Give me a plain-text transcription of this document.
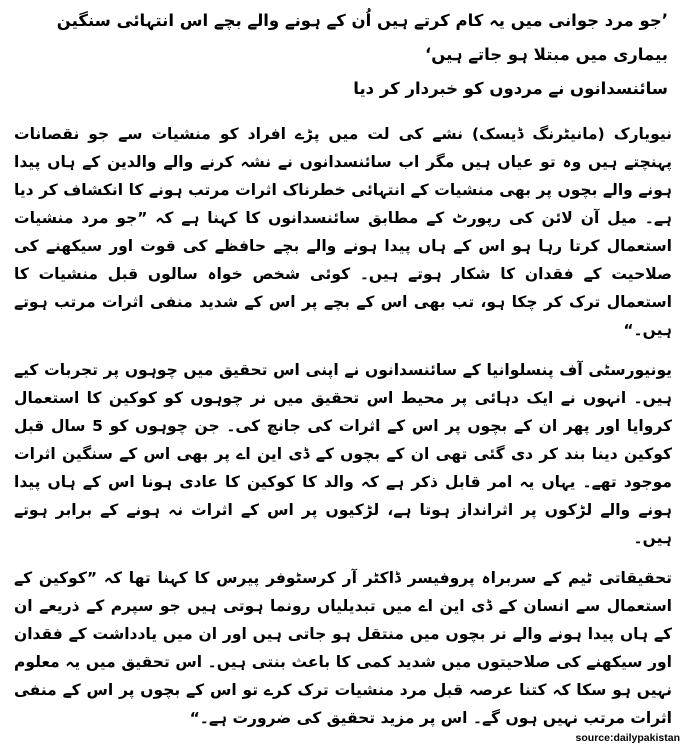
’جو مرد جوانی میں یہ کام کرتے ہیں اُن کے ہونے والے بچے اس انتہائی سنگین بیماری میں مبتلا ہو جاتے ہیں‘

سائنسدانوں نے مردوں کو خبردار کر دیا

نیویارک (مانیٹرنگ ڈیسک) نشے کی لت میں پڑے افراد کو منشیات سے جو نقصانات پہنچتے ہیں وہ تو عیاں ہیں مگر اب سائنسدانوں نے نشہ کرنے والے والدین کے ہاں پیدا ہونے والے بچوں پر بھی منشیات کے انتہائی خطرناک اثرات مرتب ہونے کا انکشاف کر دیا ہے۔ میل آن لائن کی رپورٹ کے مطابق سائنسدانوں کا کہنا ہے کہ ”جو مرد منشیات استعمال کرتا رہا ہو اس کے ہاں پیدا ہونے والے بچے حافظے کی قوت اور سیکھنے کی صلاحیت کے فقدان کا شکار ہوتے ہیں۔ کوئی شخص خواہ سالوں قبل منشیات کا استعمال ترک کر چکا ہو، تب بھی اس کے بچے پر اس کے شدید منفی اثرات مرتب ہوتے ہیں۔“

یونیورسٹی آف پنسلوانیا کے سائنسدانوں نے اپنی اس تحقیق میں چوہوں پر تجربات کیے ہیں۔ انہوں نے ایک دہائی پر محیط اس تحقیق میں نر چوہوں کو کوکین کا استعمال کروایا اور پھر ان کے بچوں پر اس کے اثرات کی جانچ کی۔ جن چوہوں کو 5 سال قبل کوکین دینا بند کر دی گئی تھی ان کے بچوں کے ڈی این اے پر بھی اس کے سنگین اثرات موجود تھے۔ یہاں یہ امر قابل ذکر ہے کہ والد کا کوکین کا عادی ہونا اس کے ہاں پیدا ہونے والے لڑکوں پر اثرانداز ہوتا ہے، لڑکیوں پر اس کے اثرات نہ ہونے کے برابر ہوتے ہیں۔

تحقیقاتی ٹیم کے سربراہ پروفیسر ڈاکٹر آر کرسٹوفر پیرس کا کہنا تھا کہ ”کوکین کے استعمال سے انسان کے ڈی این اے میں تبدیلیاں رونما ہوتی ہیں جو سپرم کے ذریعے ان کے ہاں پیدا ہونے والے نر بچوں میں منتقل ہو جاتی ہیں اور ان میں یادداشت کے فقدان اور سیکھنے کی صلاحیتوں میں شدید کمی کا باعث بنتی ہیں۔ اس تحقیق میں یہ معلوم نہیں ہو سکا کہ کتنا عرصہ قبل مرد منشیات ترک کرے تو اس کے بچوں پر اس کے منفی اثرات مرتب نہیں ہوں گے۔ اس پر مزید تحقیق کی ضرورت ہے۔“

source:dailypakistan
